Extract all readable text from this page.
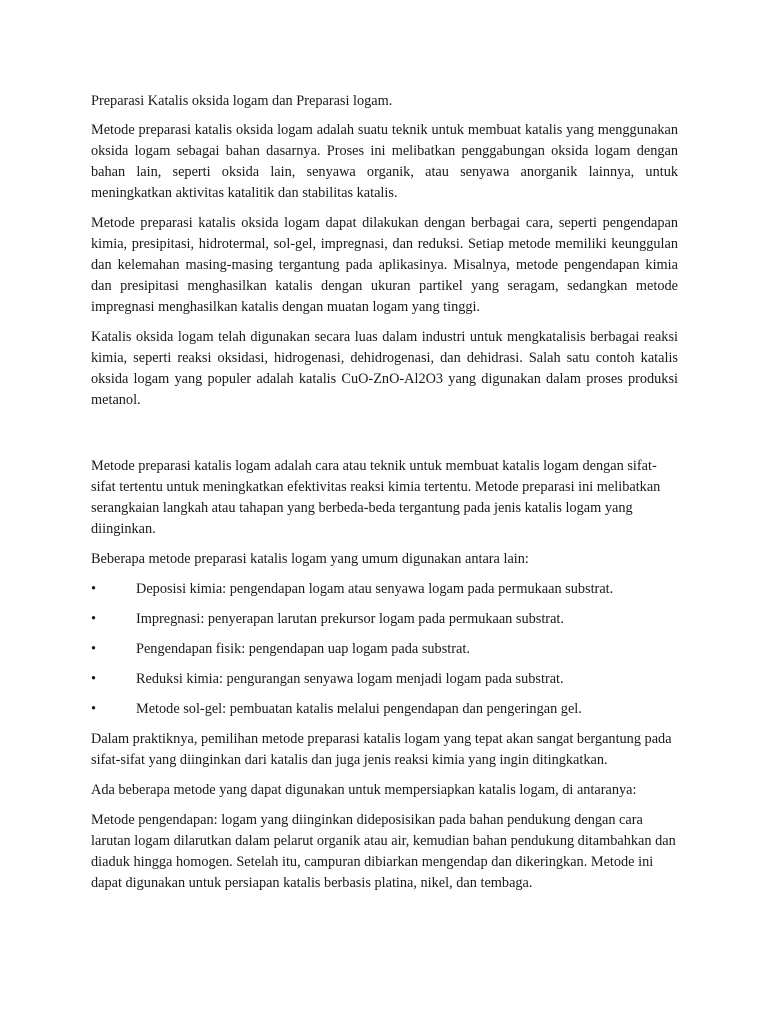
Preparasi Katalis oksida logam dan Preparasi logam.

Metode preparasi katalis oksida logam adalah suatu teknik untuk membuat katalis yang menggunakan oksida logam sebagai bahan dasarnya. Proses ini melibatkan penggabungan oksida logam dengan bahan lain, seperti oksida lain, senyawa organik, atau senyawa anorganik lainnya, untuk meningkatkan aktivitas katalitik dan stabilitas katalis.

Metode preparasi katalis oksida logam dapat dilakukan dengan berbagai cara, seperti pengendapan kimia, presipitasi, hidrotermal, sol-gel, impregnasi, dan reduksi. Setiap metode memiliki keunggulan dan kelemahan masing-masing tergantung pada aplikasinya. Misalnya, metode pengendapan kimia dan presipitasi menghasilkan katalis dengan ukuran partikel yang seragam, sedangkan metode impregnasi menghasilkan katalis dengan muatan logam yang tinggi.

Katalis oksida logam telah digunakan secara luas dalam industri untuk mengkatalisis berbagai reaksi kimia, seperti reaksi oksidasi, hidrogenasi, dehidrogenasi, dan dehidrasi. Salah satu contoh katalis oksida logam yang populer adalah katalis CuO-ZnO-Al2O3 yang digunakan dalam proses produksi metanol.

Metode preparasi katalis logam adalah cara atau teknik untuk membuat katalis logam dengan sifat-sifat tertentu untuk meningkatkan efektivitas reaksi kimia tertentu. Metode preparasi ini melibatkan serangkaian langkah atau tahapan yang berbeda-beda tergantung pada jenis katalis logam yang diinginkan.

Beberapa metode preparasi katalis logam yang umum digunakan antara lain:

•	Deposisi kimia: pengendapan logam atau senyawa logam pada permukaan substrat.
•	Impregnasi: penyerapan larutan prekursor logam pada permukaan substrat.
•	Pengendapan fisik: pengendapan uap logam pada substrat.
•	Reduksi kimia: pengurangan senyawa logam menjadi logam pada substrat.
•	Metode sol-gel: pembuatan katalis melalui pengendapan dan pengeringan gel.

Dalam praktiknya, pemilihan metode preparasi katalis logam yang tepat akan sangat bergantung pada sifat-sifat yang diinginkan dari katalis dan juga jenis reaksi kimia yang ingin ditingkatkan.

Ada beberapa metode yang dapat digunakan untuk mempersiapkan katalis logam, di antaranya:

Metode pengendapan: logam yang diinginkan dideposisikan pada bahan pendukung dengan cara larutan logam dilarutkan dalam pelarut organik atau air, kemudian bahan pendukung ditambahkan dan diaduk hingga homogen. Setelah itu, campuran dibiarkan mengendap dan dikeringkan. Metode ini dapat digunakan untuk persiapan katalis berbasis platina, nikel, dan tembaga.
